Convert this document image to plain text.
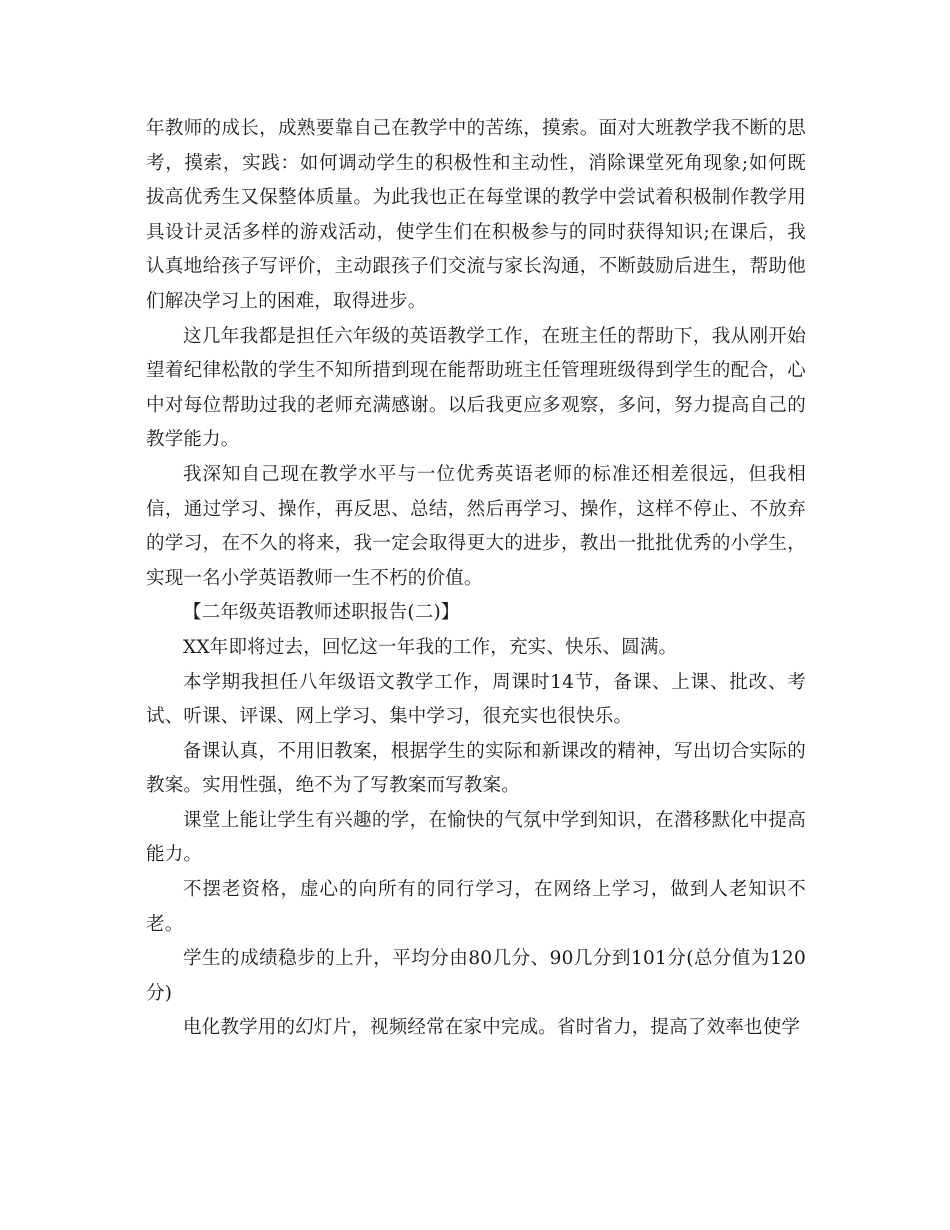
年教师的成长，成熟要靠自己在教学中的苦练，摸索。面对大班教学我不断的思考，摸索，实践：如何调动学生的积极性和主动性，消除课堂死角现象;如何既拔高优秀生又保整体质量。为此我也正在每堂课的教学中尝试着积极制作教学用具设计灵活多样的游戏活动，使学生们在积极参与的同时获得知识;在课后，我认真地给孩子写评价，主动跟孩子们交流与家长沟通，不断鼓励后进生，帮助他们解决学习上的困难，取得进步。

这几年我都是担任六年级的英语教学工作，在班主任的帮助下，我从刚开始望着纪律松散的学生不知所措到现在能帮助班主任管理班级得到学生的配合，心中对每位帮助过我的老师充满感谢。以后我更应多观察，多问，努力提高自己的教学能力。

我深知自己现在教学水平与一位优秀英语老师的标准还相差很远，但我相信，通过学习、操作，再反思、总结，然后再学习、操作，这样不停止、不放弃的学习，在不久的将来，我一定会取得更大的进步，教出一批批优秀的小学生，实现一名小学英语教师一生不朽的价值。

【二年级英语教师述职报告(二)】

XX年即将过去，回忆这一年我的工作，充实、快乐、圆满。

本学期我担任八年级语文教学工作，周课时14节，备课、上课、批改、考试、听课、评课、网上学习、集中学习，很充实也很快乐。

备课认真，不用旧教案，根据学生的实际和新课改的精神，写出切合实际的教案。实用性强，绝不为了写教案而写教案。

课堂上能让学生有兴趣的学，在愉快的气氛中学到知识，在潜移默化中提高能力。

不摆老资格，虚心的向所有的同行学习，在网络上学习，做到人老知识不老。

学生的成绩稳步的上升，平均分由80几分、90几分到101分(总分值为120分)

电化教学用的幻灯片，视频经常在家中完成。省时省力，提高了效率也使学
